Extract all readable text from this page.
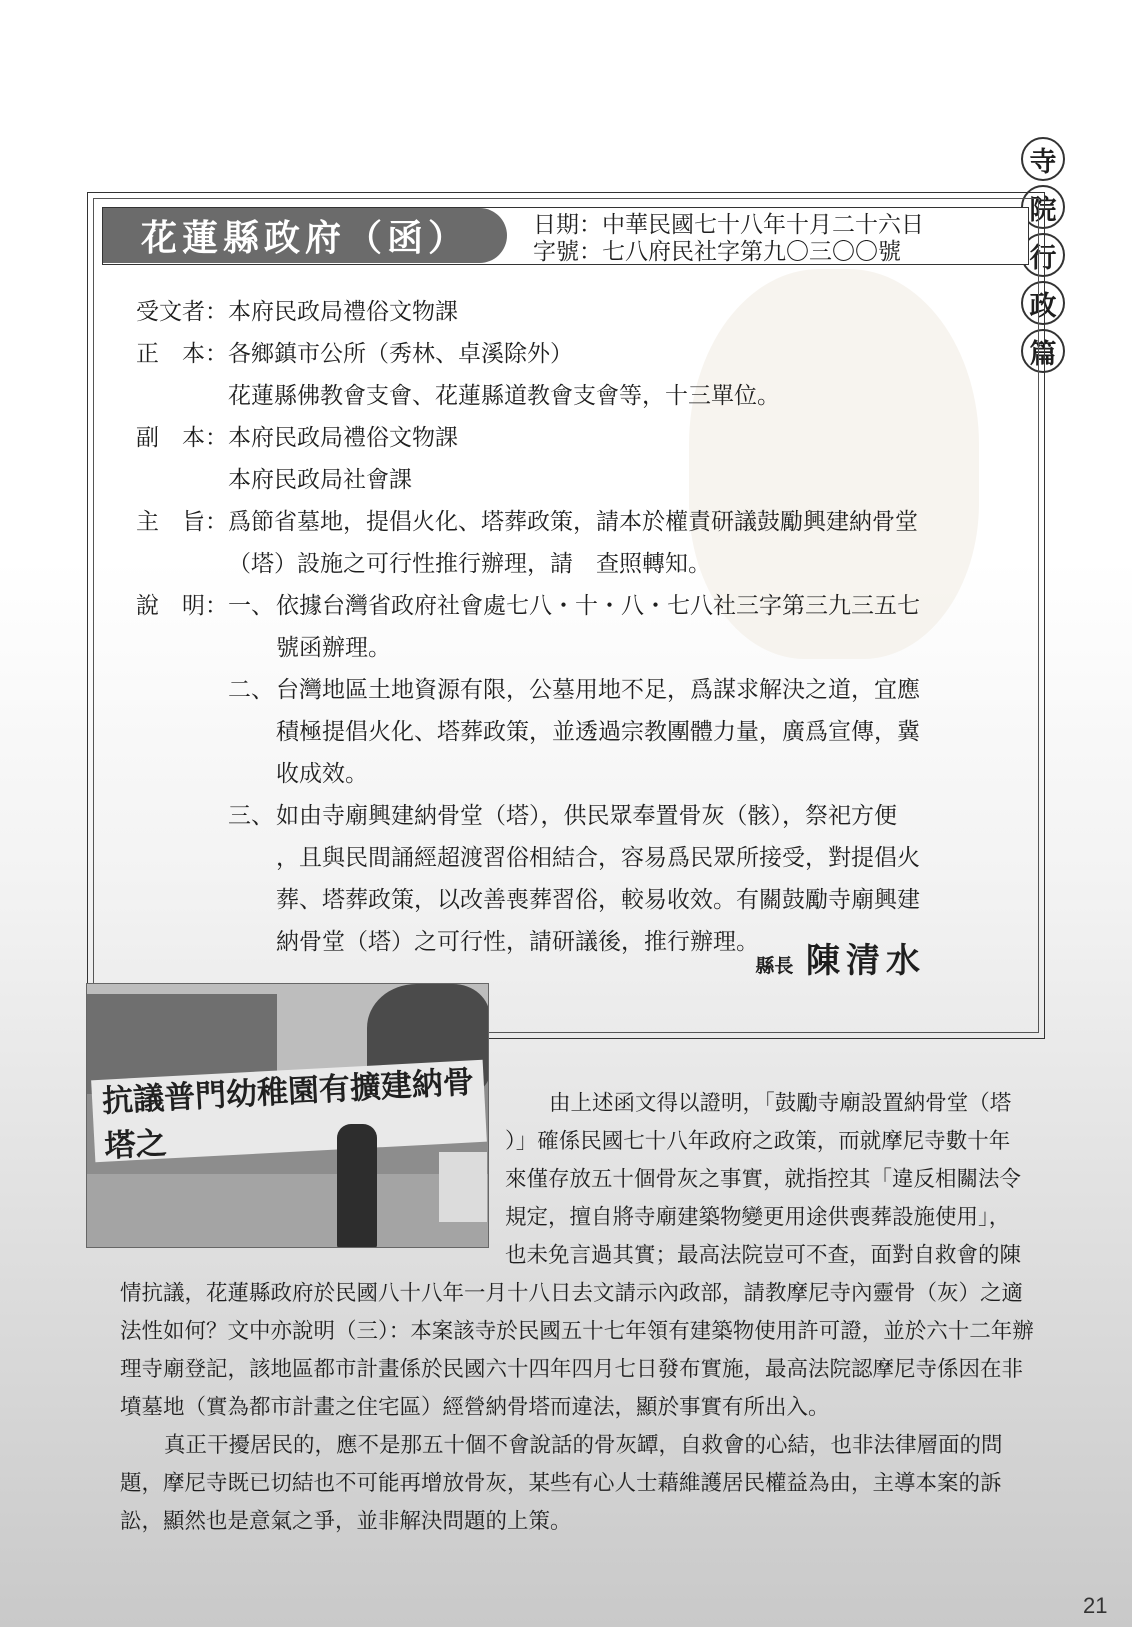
寺
院
行
政
篇
花蓮縣政府（函）	日期：中華民國七十八年十月二十六日
字號：七八府民社字第九〇三〇〇號
受文者： 本府民政局禮俗文物課
正　本： 各鄉鎮市公所（秀林、卓溪除外）
花蓮縣佛教會支會、花蓮縣道教會支會等，十三單位。
副　本： 本府民政局禮俗文物課
本府民政局社會課
主　旨： 爲節省墓地，提倡火化、塔葬政策，請本於權責研議鼓勵興建納骨堂
（塔）設施之可行性推行辦理，請　查照轉知。
說　明： 一、 依據台灣省政府社會處七八・十・八・七八社三字第三九三五七
號函辦理。
二、 台灣地區土地資源有限，公墓用地不足，爲謀求解決之道，宜應
積極提倡火化、塔葬政策，並透過宗教團體力量，廣爲宣傳，冀
收成效。
三、 如由寺廟興建納骨堂（塔），供民眾奉置骨灰（骸），祭祀方便
，且與民間誦經超渡習俗相結合，容易爲民眾所接受，對提倡火
葬、塔葬政策，以改善喪葬習俗，較易收效。有關鼓勵寺廟興建
納骨堂（塔）之可行性，請研議後，推行辦理。
縣長 陳清水
抗議普門幼稚園有擴建納骨塔之

由上述函文得以證明，「鼓勵寺廟設置納骨堂（塔

）」確係民國七十八年政府之政策，而就摩尼寺數十年

來僅存放五十個骨灰之事實，就指控其「違反相關法令

規定，擅自將寺廟建築物變更用途供喪葬設施使用」，

也未免言過其實；最高法院豈可不查，面對自救會的陳

情抗議，花蓮縣政府於民國八十八年一月十八日去文請示內政部，請教摩尼寺內靈骨（灰）之適法性如何？文中亦說明（三）：本案該寺於民國五十七年領有建築物使用許可證，並於六十二年辦理寺廟登記，該地區都市計畫係於民國六十四年四月七日發布實施，最高法院認摩尼寺係因在非墳墓地（實為都市計畫之住宅區）經營納骨塔而違法，顯於事實有所出入。

真正干擾居民的，應不是那五十個不會說話的骨灰罈，自救會的心結，也非法律層面的問題，摩尼寺既已切結也不可能再增放骨灰，某些有心人士藉維護居民權益為由，主導本案的訴訟，顯然也是意氣之爭，並非解決問題的上策。

21
